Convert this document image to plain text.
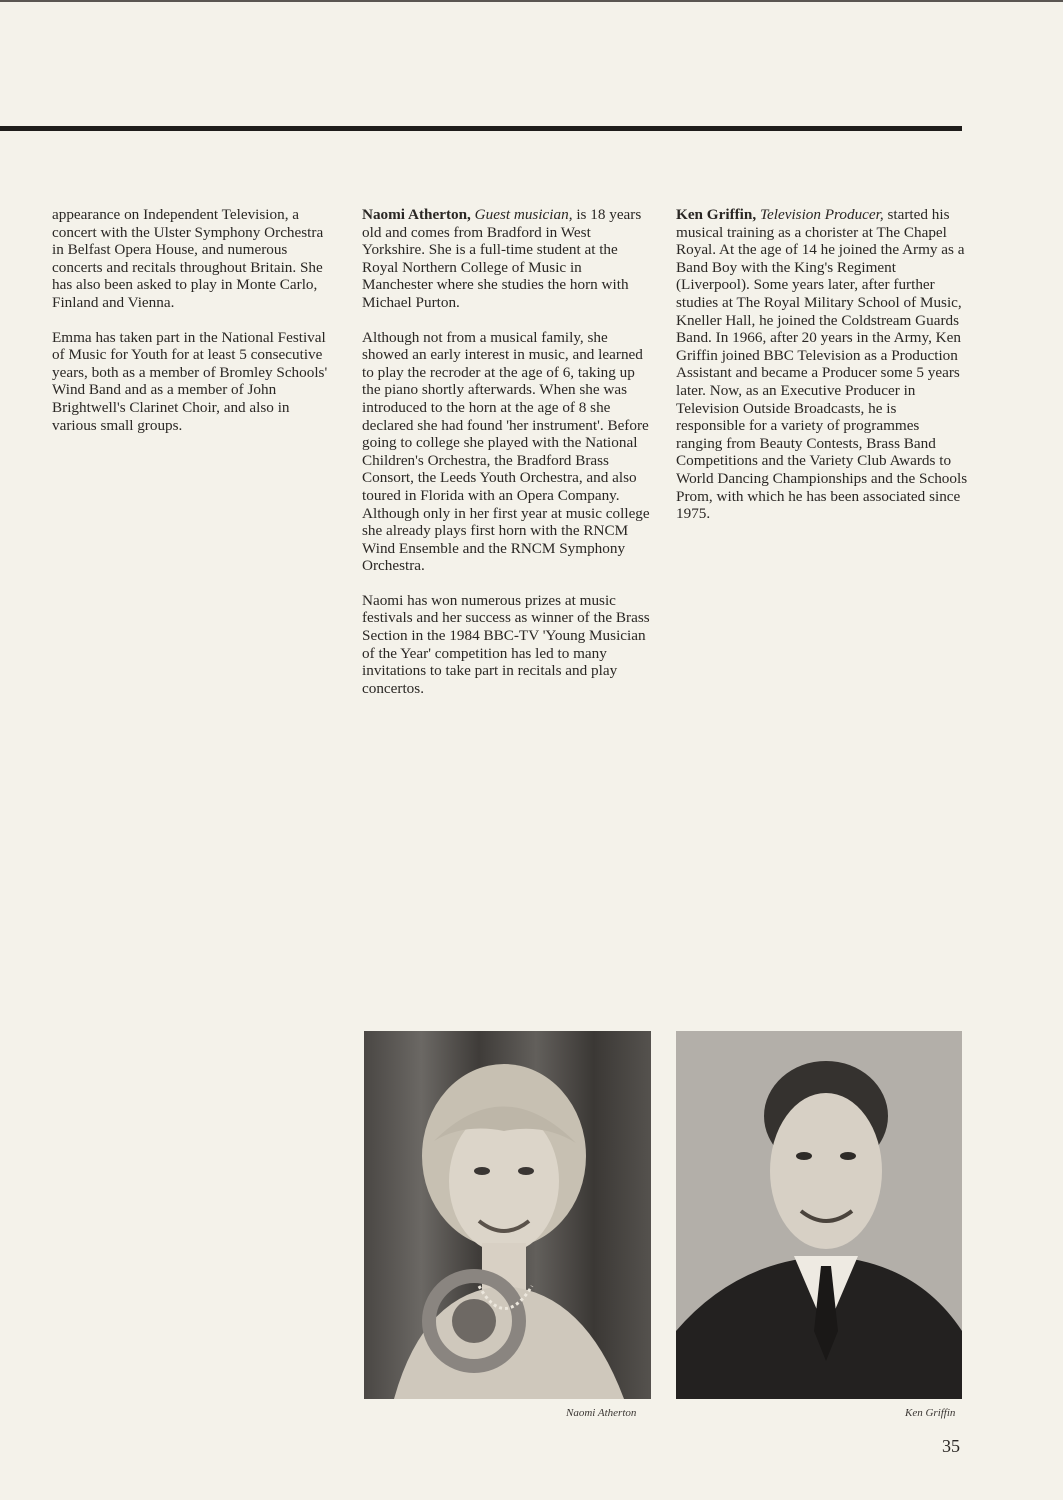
appearance on Independent Television, a concert with the Ulster Symphony Orchestra in Belfast Opera House, and numerous concerts and recitals throughout Britain. She has also been asked to play in Monte Carlo, Finland and Vienna.

Emma has taken part in the National Festival of Music for Youth for at least 5 consecutive years, both as a member of Bromley Schools' Wind Band and as a member of John Brightwell's Clarinet Choir, and also in various small groups.

Naomi Atherton, Guest musician, is 18 years old and comes from Bradford in West Yorkshire. She is a full-time student at the Royal Northern College of Music in Manchester where she studies the horn with Michael Purton.

Although not from a musical family, she showed an early interest in music, and learned to play the recroder at the age of 6, taking up the piano shortly afterwards. When she was introduced to the horn at the age of 8 she declared she had found 'her instrument'. Before going to college she played with the National Children's Orchestra, the Bradford Brass Consort, the Leeds Youth Orchestra, and also toured in Florida with an Opera Company. Although only in her first year at music college she already plays first horn with the RNCM Wind Ensemble and the RNCM Symphony Orchestra.

Naomi has won numerous prizes at music festivals and her success as winner of the Brass Section in the 1984 BBC-TV 'Young Musician of the Year' competition has led to many invitations to take part in recitals and play concertos.

Ken Griffin, Television Producer, started his musical training as a chorister at The Chapel Royal. At the age of 14 he joined the Army as a Band Boy with the King's Regiment (Liverpool). Some years later, after further studies at The Royal Military School of Music, Kneller Hall, he joined the Coldstream Guards Band. In 1966, after 20 years in the Army, Ken Griffin joined BBC Television as a Production Assistant and became a Producer some 5 years later. Now, as an Executive Producer in Television Outside Broadcasts, he is responsible for a variety of programmes ranging from Beauty Contests, Brass Band Competitions and the Variety Club Awards to World Dancing Championships and the Schools Prom, with which he has been associated since 1975.

Naomi Atherton	Ken Griffin
35
